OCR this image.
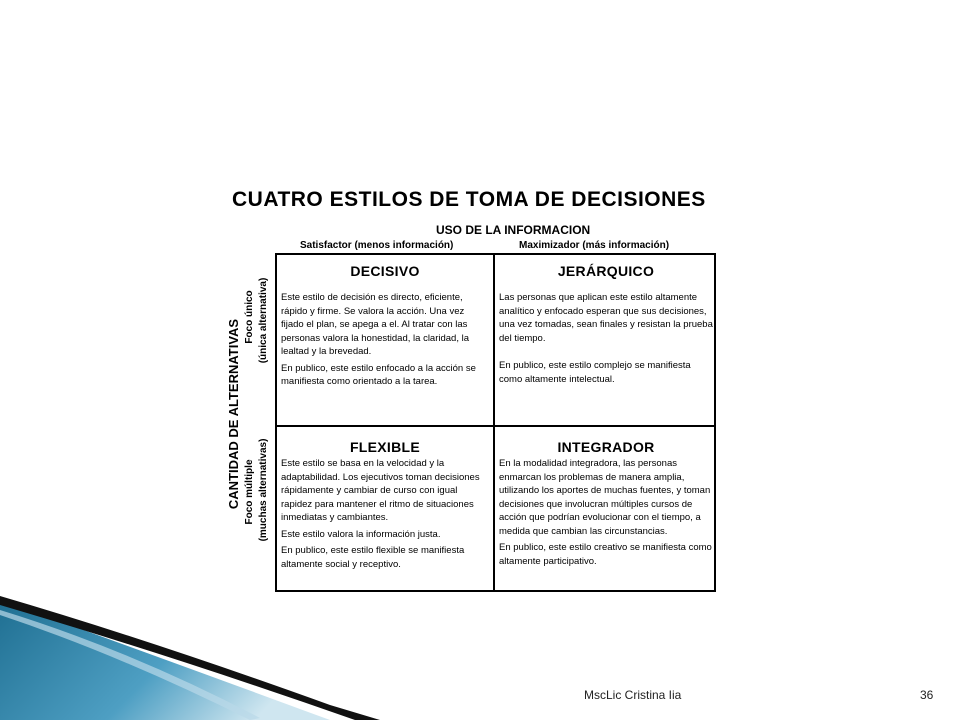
CUATRO ESTILOS DE TOMA DE DECISIONES
USO DE LA INFORMACION
Satisfactor (menos información)	Maximizador (más información)
CANTIDAD DE ALTERNATIVAS
Foco único (única alternativa)
Foco múltiple (muchas alternativas)
DECISIVO

Este estilo de decisión es directo, eficiente, rápido y firme. Se valora la acción. Una vez fijado el plan, se apega a el. Al tratar con las personas valora la honestidad, la claridad, la lealtad y la brevedad.

En publico, este estilo enfocado a la acción se manifiesta como orientado a la tarea.

JERÁRQUICO

Las personas que aplican este estilo altamente analítico y enfocado esperan que sus decisiones, una vez tomadas, sean finales y resistan la prueba del tiempo.

En publico, este estilo complejo se manifiesta como altamente intelectual.

FLEXIBLE

Este estilo se basa en la velocidad y la adaptabilidad. Los ejecutivos toman decisiones rápidamente y cambiar de curso con igual rapidez para mantener el ritmo de situaciones inmediatas y cambiantes.

Este estilo valora la información justa.

En publico, este estilo flexible se manifiesta altamente social y receptivo.

INTEGRADOR

En la modalidad integradora, las personas enmarcan los problemas de manera amplia, utilizando los aportes de muchas fuentes, y toman decisiones que involucran múltiples cursos de acción que podrían evolucionar con el tiempo, a medida que cambian las circunstancias.

En publico, este estilo creativo se manifiesta como altamente participativo.

MscLic Cristina Iia	36
